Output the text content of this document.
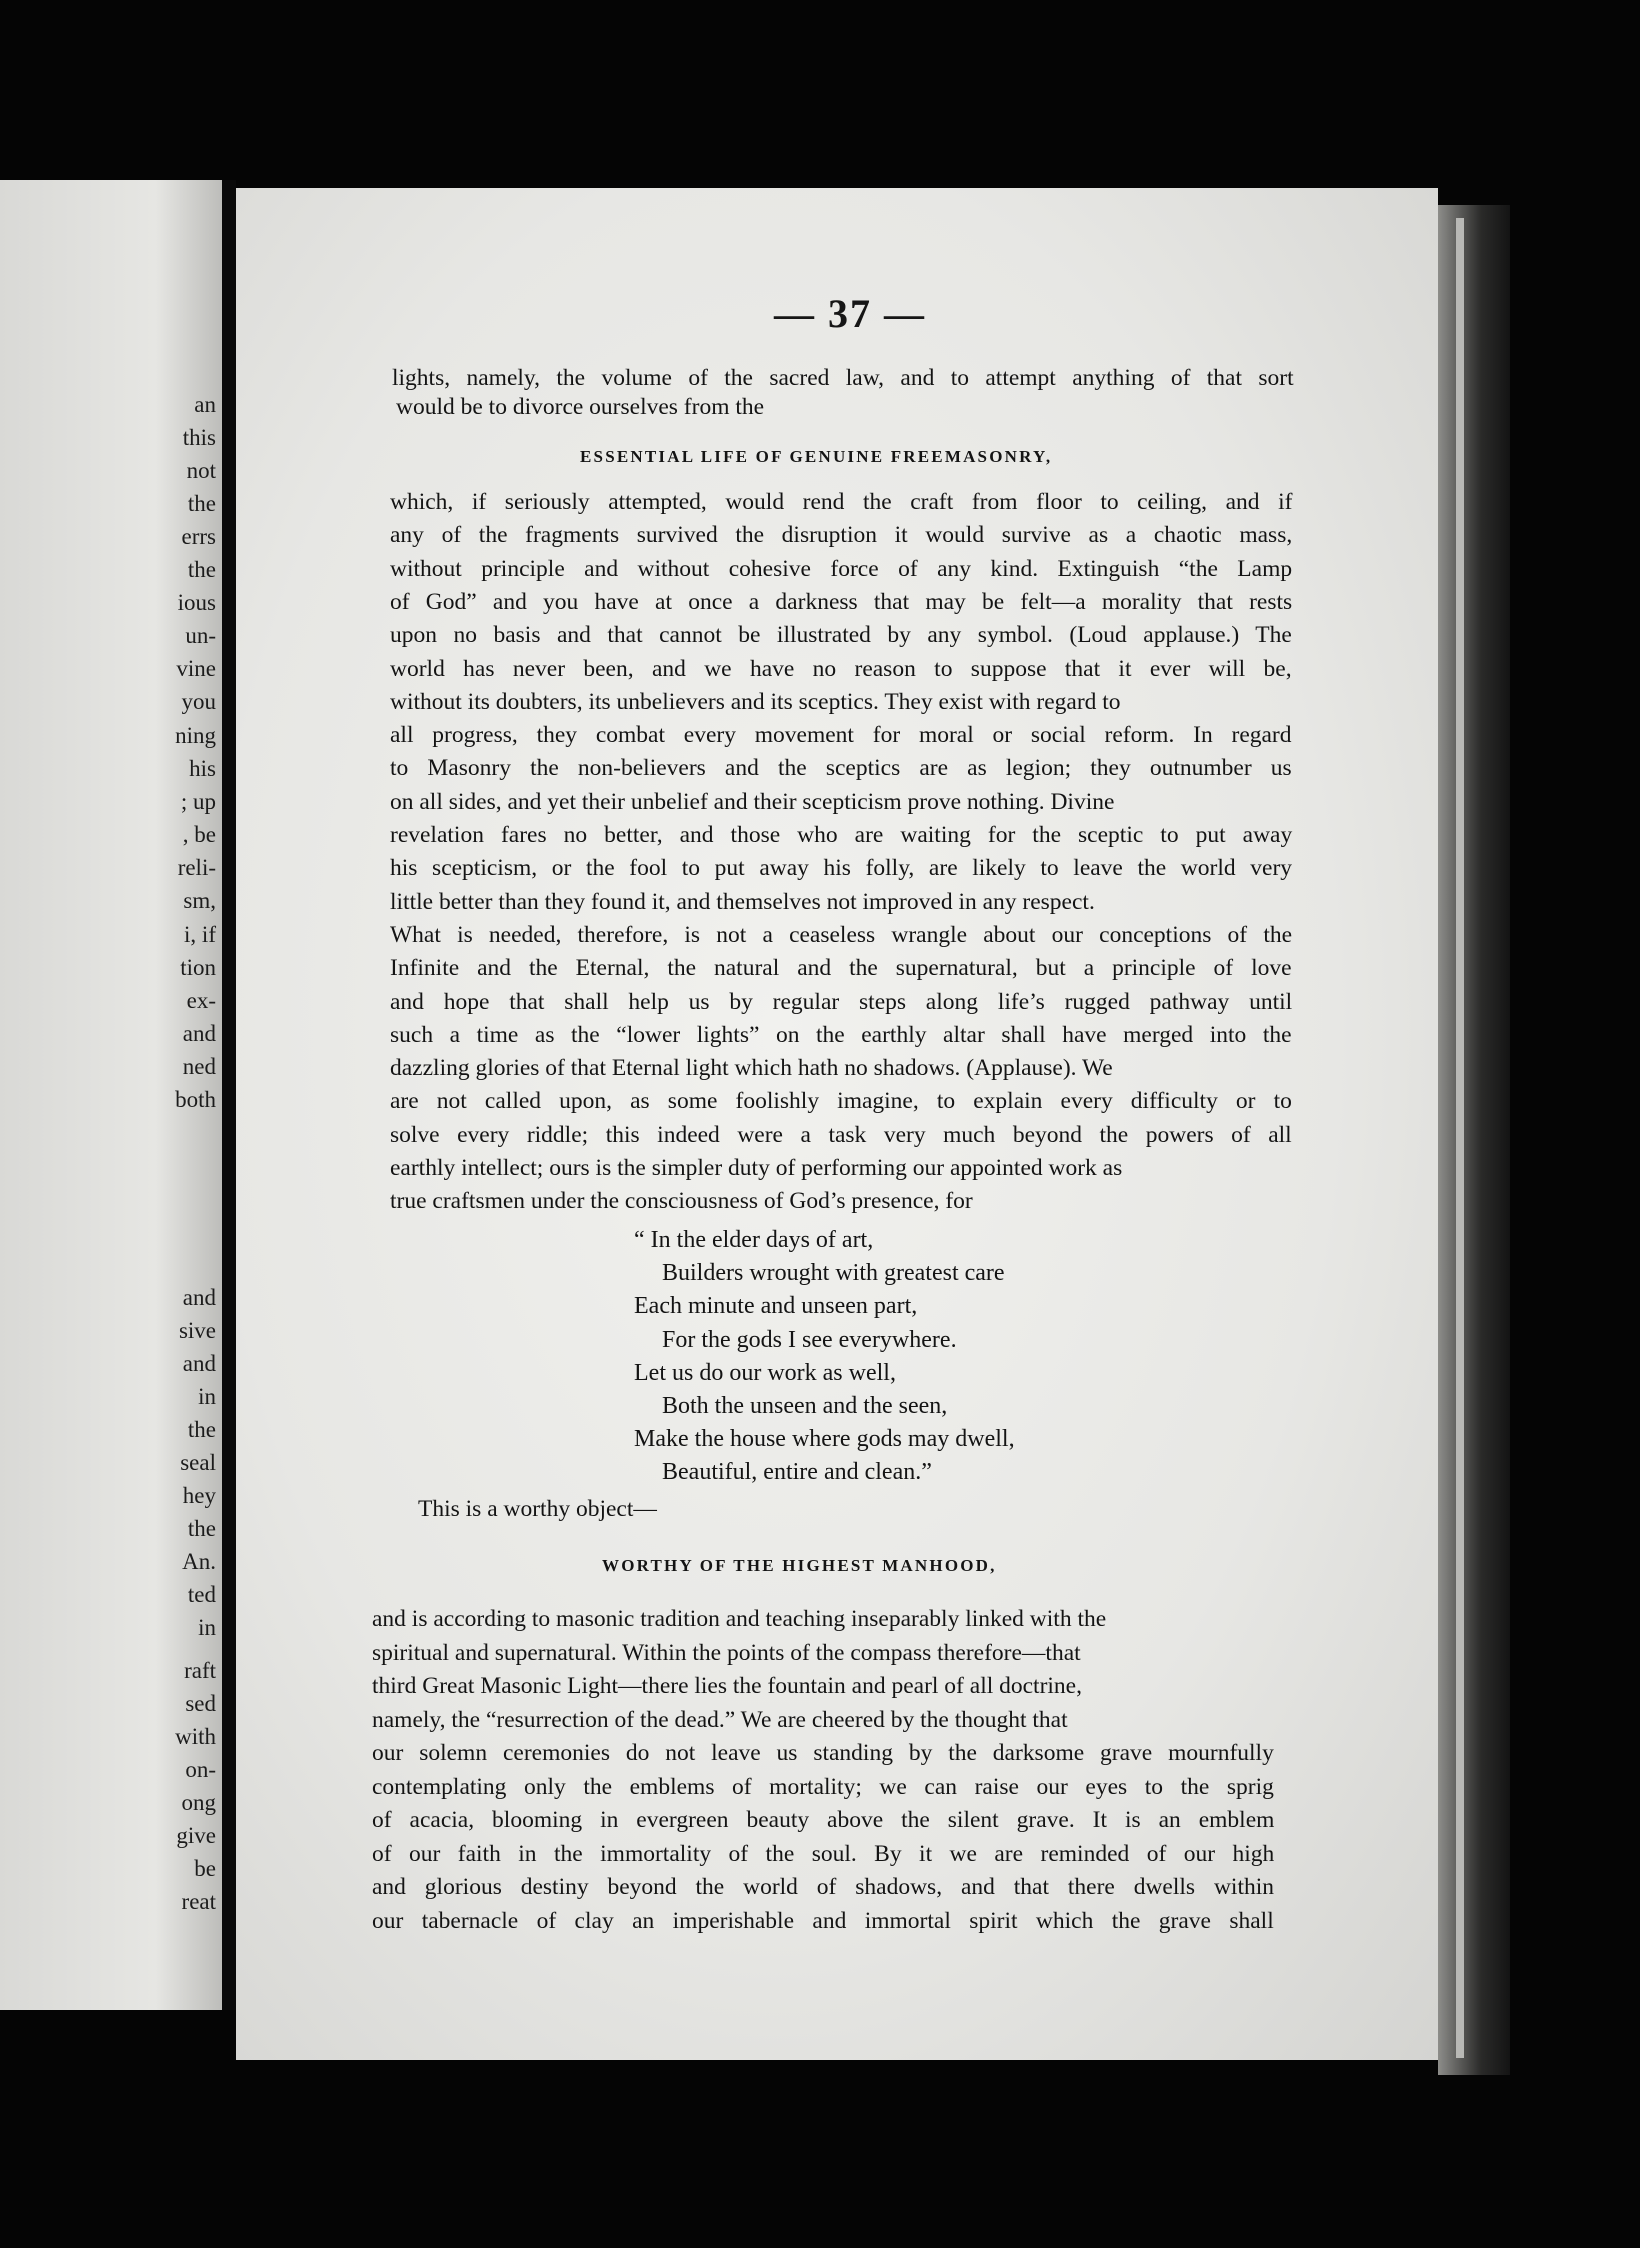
an
this
not
the
errs
the
ious
un-
vine
you
ning
his
; up
, be
reli-
sm,
i, if
tion
ex-
and
ned
both
and
sive
and
in
the
seal
hey
the
An.
ted
in
raft
sed
with
on-
ong
give
be
reat
— 37 —
lights, namely, the volume of the sacred law, and to attempt anything of that sort
would be to divorce ourselves from the
ESSENTIAL LIFE OF GENUINE FREEMASONRY,
which, if seriously attempted, would rend the craft from floor to ceiling, and if
any of the fragments survived the disruption it would survive as a chaotic mass,
without principle and without cohesive force of any kind. Extinguish “the Lamp
of God” and you have at once a darkness that may be felt—a morality that rests
upon no basis and that cannot be illustrated by any symbol. (Loud applause.) The
world has never been, and we have no reason to suppose that it ever will be,
without its doubters, its unbelievers and its sceptics. They exist with regard to
all progress, they combat every movement for moral or social reform. In regard
to Masonry the non-believers and the sceptics are as legion; they outnumber us
on all sides, and yet their unbelief and their scepticism prove nothing. Divine
revelation fares no better, and those who are waiting for the sceptic to put away
his scepticism, or the fool to put away his folly, are likely to leave the world very
little better than they found it, and themselves not improved in any respect.
What is needed, therefore, is not a ceaseless wrangle about our conceptions of the
Infinite and the Eternal, the natural and the supernatural, but a principle of love
and hope that shall help us by regular steps along life’s rugged pathway until
such a time as the “lower lights” on the earthly altar shall have merged into the
dazzling glories of that Eternal light which hath no shadows. (Applause). We
are not called upon, as some foolishly imagine, to explain every difficulty or to
solve every riddle; this indeed were a task very much beyond the powers of all
earthly intellect; ours is the simpler duty of performing our appointed work as
true craftsmen under the consciousness of God’s presence, for
“ In the elder days of art,
Builders wrought with greatest care
Each minute and unseen part,
For the gods I see everywhere.
Let us do our work as well,
Both the unseen and the seen,
Make the house where gods may dwell,
Beautiful, entire and clean.”
This is a worthy object—
WORTHY OF THE HIGHEST MANHOOD,
and is according to masonic tradition and teaching inseparably linked with the
spiritual and supernatural. Within the points of the compass therefore—that
third Great Masonic Light—there lies the fountain and pearl of all doctrine,
namely, the “resurrection of the dead.” We are cheered by the thought that
our solemn ceremonies do not leave us standing by the darksome grave mournfully
contemplating only the emblems of mortality; we can raise our eyes to the sprig
of acacia, blooming in evergreen beauty above the silent grave. It is an emblem
of our faith in the immortality of the soul. By it we are reminded of our high
and glorious destiny beyond the world of shadows, and that there dwells within
our tabernacle of clay an imperishable and immortal spirit which the grave shall
